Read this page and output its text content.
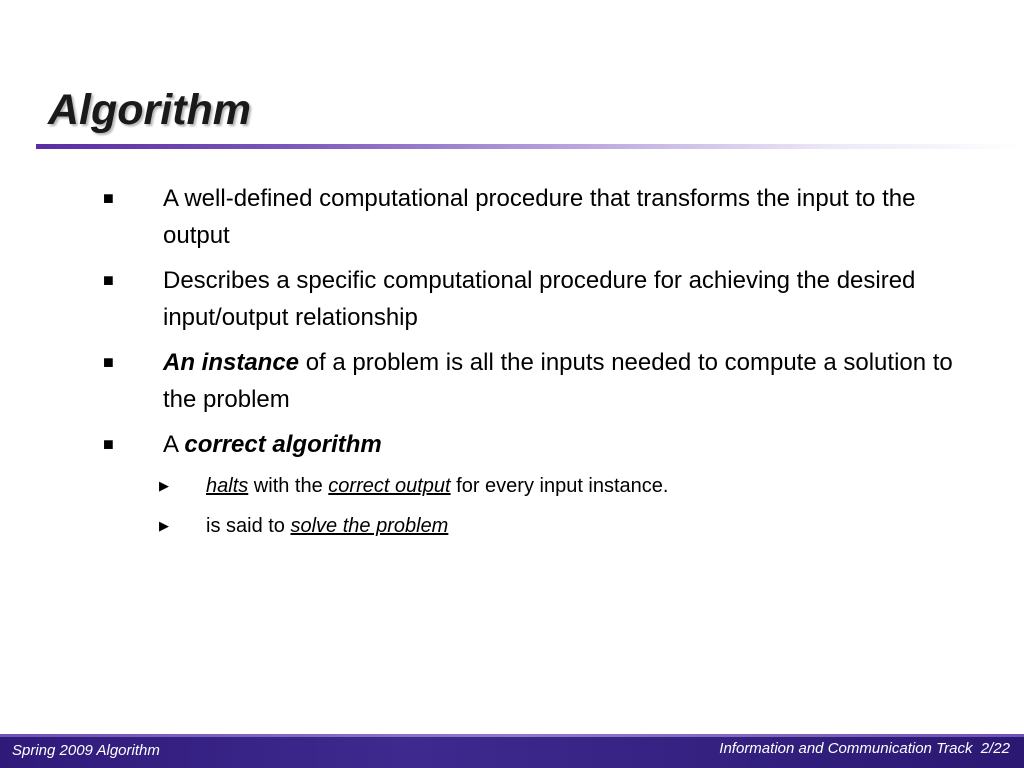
Algorithm
■ A well-defined computational procedure that transforms the input to the output
■ Describes a specific computational procedure for achieving the desired input/output relationship
■ An instance of a problem is all the inputs needed to compute a solution to the problem
■ A correct algorithm
▶ halts with the correct output for every input instance.
▶ is said to solve the problem
Spring 2009 Algorithm	Information and Communication Track  2/22
